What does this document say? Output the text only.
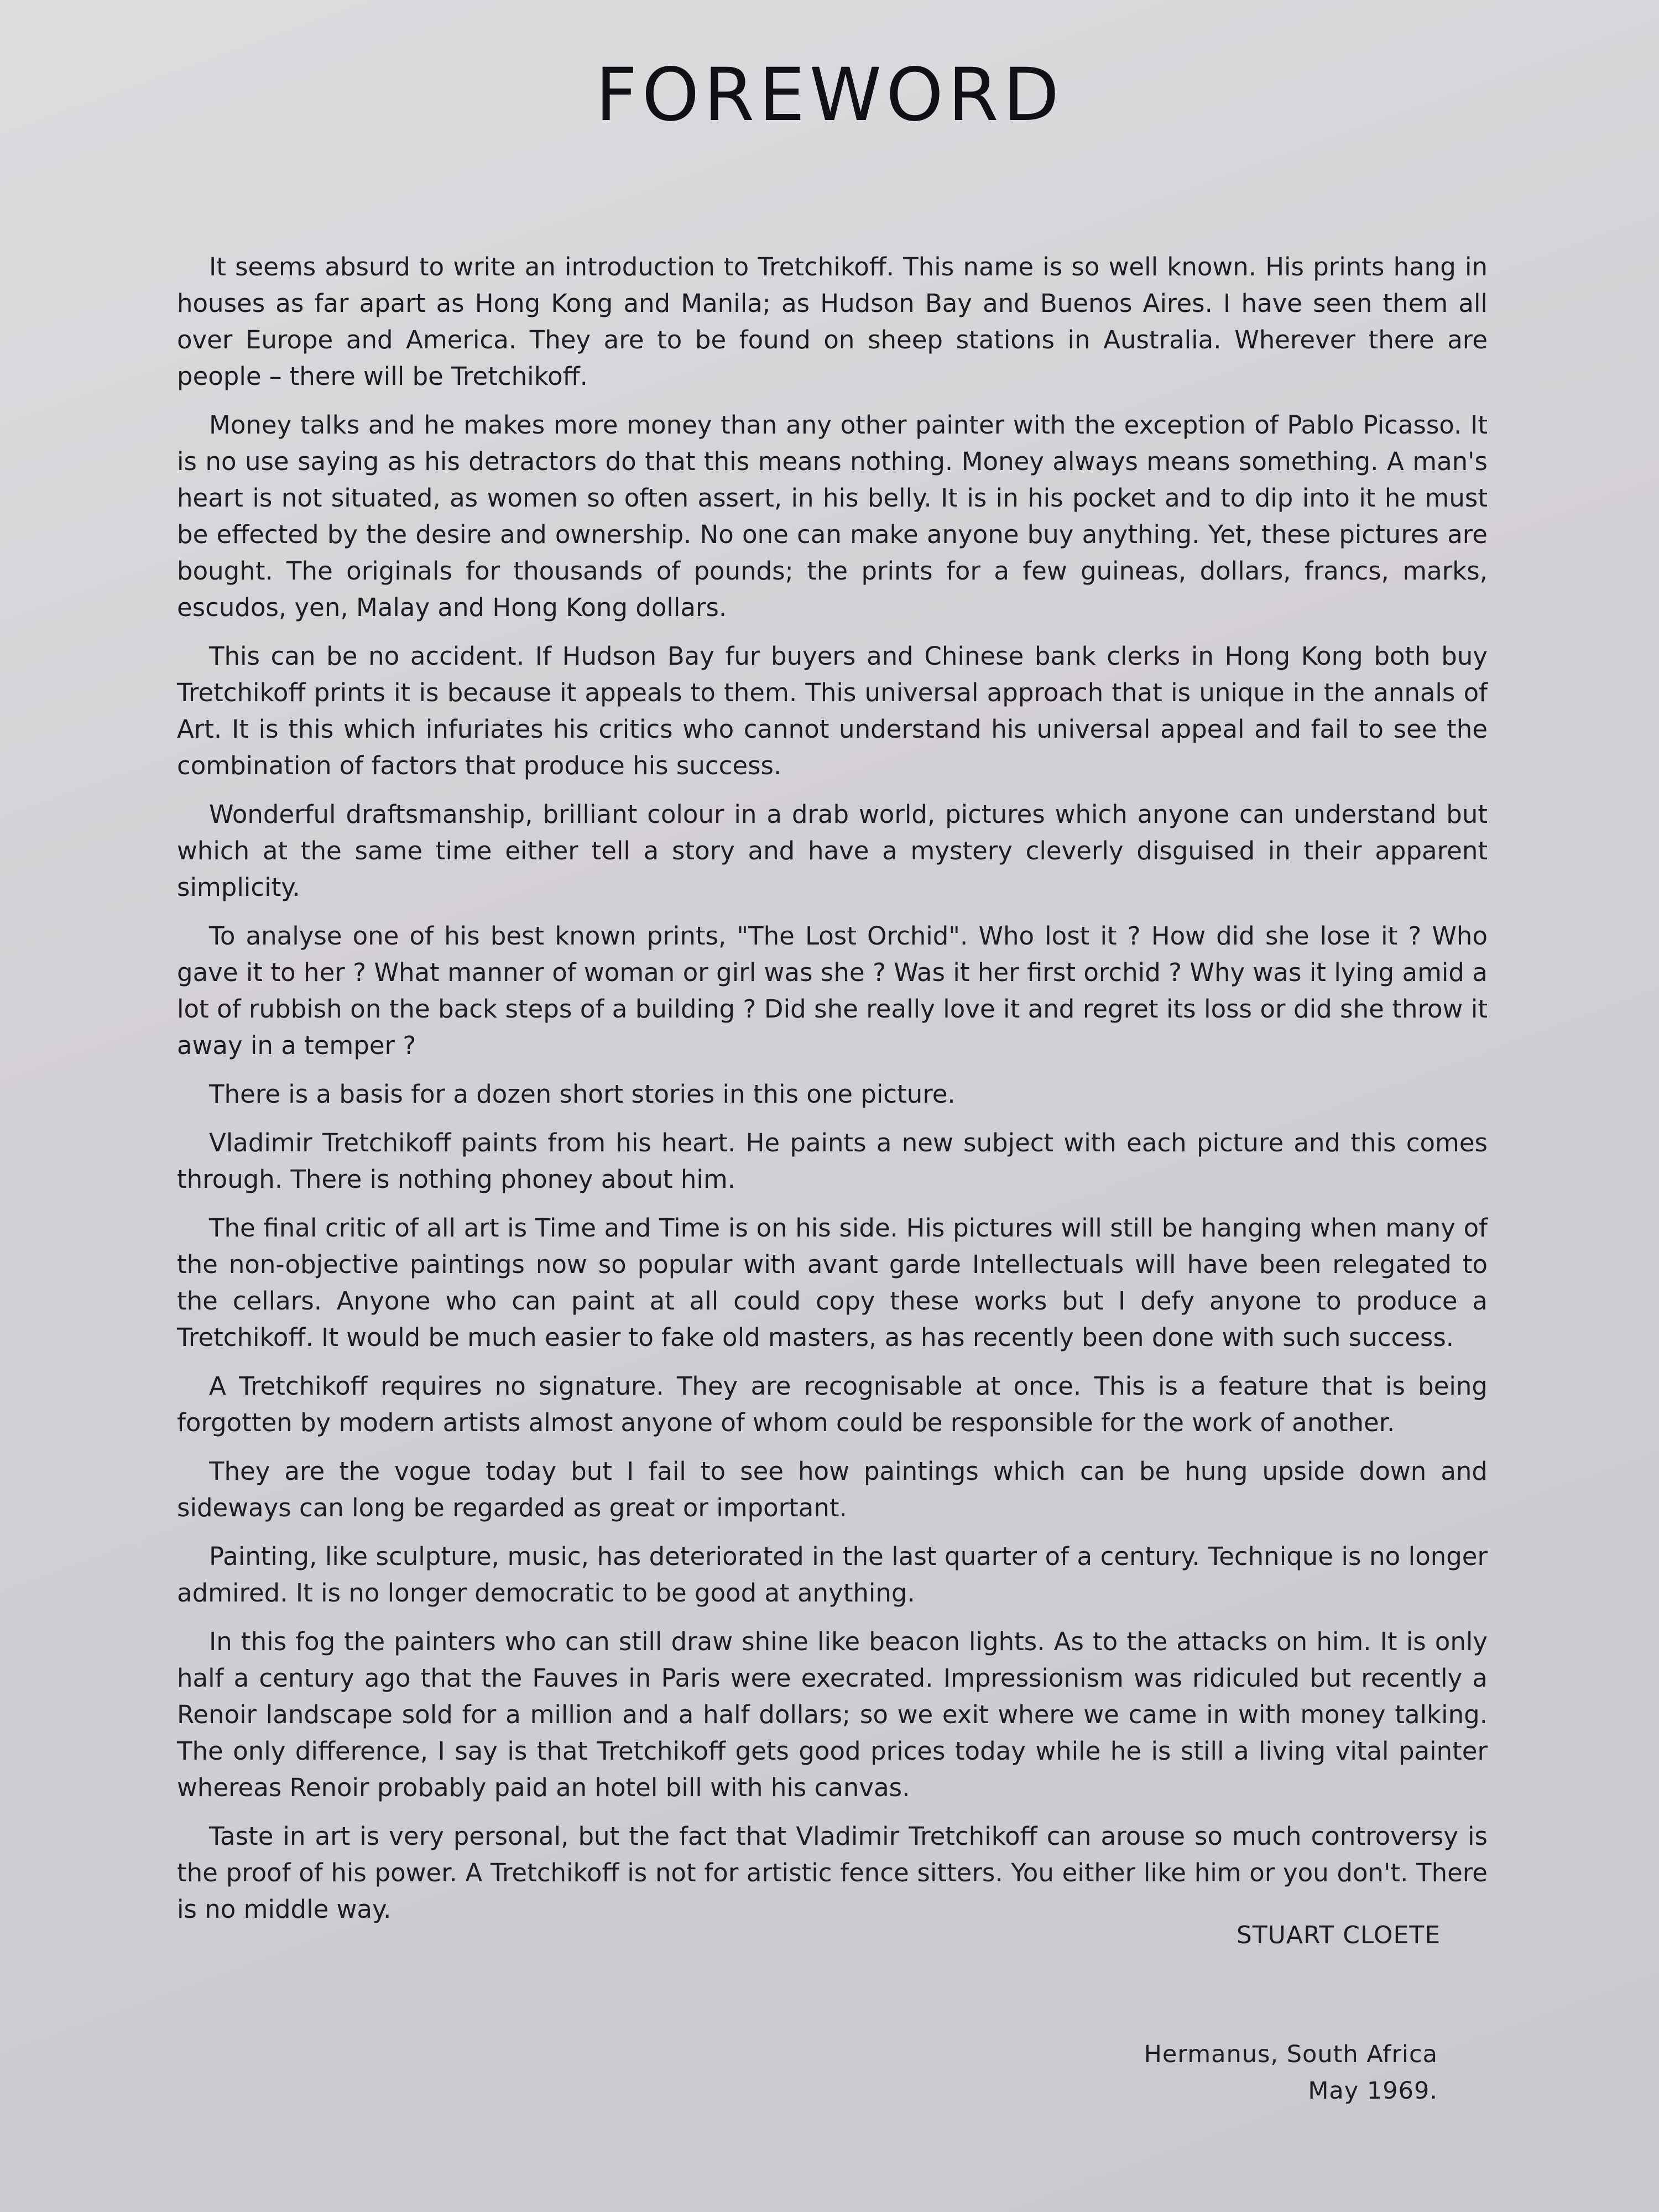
FOREWORD

It seems absurd to write an introduction to Tretchikoff. This name is so well known. His prints hang in houses as far apart as Hong Kong and Manila; as Hudson Bay and Buenos Aires. I have seen them all over Europe and America. They are to be found on sheep stations in Australia. Wherever there are people – there will be Tretchikoff.

Money talks and he makes more money than any other painter with the exception of Pablo Picasso. It is no use saying as his detractors do that this means nothing. Money always means something. A man's heart is not situated, as women so often assert, in his belly. It is in his pocket and to dip into it he must be effected by the desire and ownership. No one can make anyone buy anything. Yet, these pictures are bought. The originals for thousands of pounds; the prints for a few guineas, dollars, francs, marks, escudos, yen, Malay and Hong Kong dollars.

This can be no accident. If Hudson Bay fur buyers and Chinese bank clerks in Hong Kong both buy Tretchikoff prints it is because it appeals to them. This universal approach that is unique in the annals of Art. It is this which infuriates his critics who cannot understand his universal appeal and fail to see the combination of factors that produce his success.

Wonderful draftsmanship, brilliant colour in a drab world, pictures which anyone can understand but which at the same time either tell a story and have a mystery cleverly disguised in their apparent simplicity.

To analyse one of his best known prints, "The Lost Orchid". Who lost it ? How did she lose it ? Who gave it to her ? What manner of woman or girl was she ? Was it her first orchid ? Why was it lying amid a lot of rubbish on the back steps of a building ? Did she really love it and regret its loss or did she throw it away in a temper ?

There is a basis for a dozen short stories in this one picture.

Vladimir Tretchikoff paints from his heart. He paints a new subject with each picture and this comes through. There is nothing phoney about him.

The final critic of all art is Time and Time is on his side. His pictures will still be hanging when many of the non-objective paintings now so popular with avant garde Intellectuals will have been relegated to the cellars. Anyone who can paint at all could copy these works but I defy anyone to produce a Tretchikoff. It would be much easier to fake old masters, as has recently been done with such success.

A Tretchikoff requires no signature. They are recognisable at once. This is a feature that is being forgotten by modern artists almost anyone of whom could be responsible for the work of another.

They are the vogue today but I fail to see how paintings which can be hung upside down and sideways can long be regarded as great or important.

Painting, like sculpture, music, has deteriorated in the last quarter of a century. Technique is no longer admired. It is no longer democratic to be good at anything.

In this fog the painters who can still draw shine like beacon lights. As to the attacks on him. It is only half a century ago that the Fauves in Paris were execrated. Impressionism was ridiculed but recently a Renoir landscape sold for a million and a half dollars; so we exit where we came in with money talking. The only difference, I say is that Tretchikoff gets good prices today while he is still a living vital painter whereas Renoir probably paid an hotel bill with his canvas.

Taste in art is very personal, but the fact that Vladimir Tretchikoff can arouse so much controversy is the proof of his power. A Tretchikoff is not for artistic fence sitters. You either like him or you don't. There is no middle way.

STUART CLOETE
Hermanus, South Africa
May 1969.
